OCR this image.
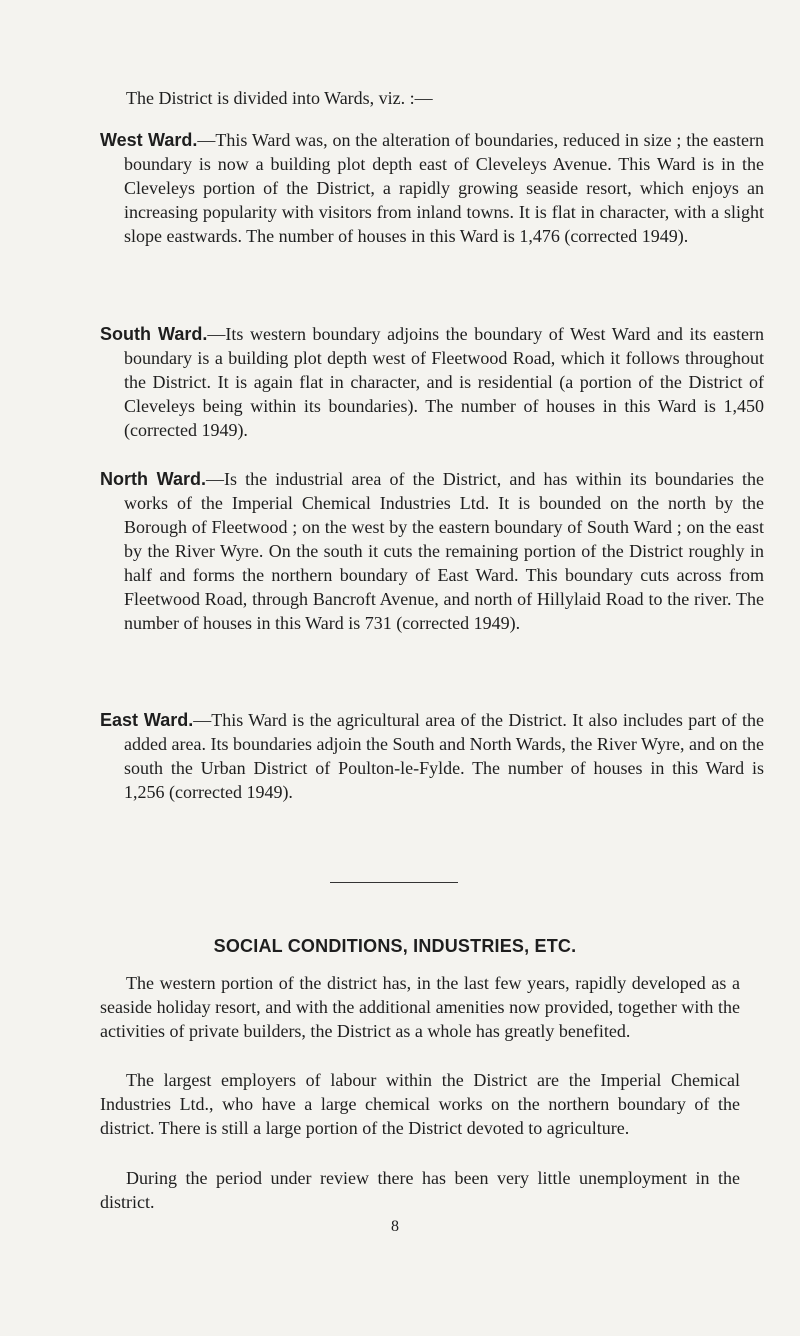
The District is divided into Wards, viz. :—

West Ward.—This Ward was, on the alteration of boundaries, reduced in size ; the eastern boundary is now a building plot depth east of Cleveleys Avenue. This Ward is in the Cleveleys portion of the District, a rapidly growing seaside resort, which enjoys an increasing popularity with visitors from inland towns. It is flat in character, with a slight slope eastwards. The number of houses in this Ward is 1,476 (corrected 1949).

South Ward.—Its western boundary adjoins the boundary of West Ward and its eastern boundary is a building plot depth west of Fleetwood Road, which it follows throughout the District. It is again flat in character, and is residential (a portion of the District of Cleveleys being within its boundaries). The number of houses in this Ward is 1,450 (corrected 1949).

North Ward.—Is the industrial area of the District, and has within its boundaries the works of the Imperial Chemical Industries Ltd. It is bounded on the north by the Borough of Fleetwood ; on the west by the eastern boundary of South Ward ; on the east by the River Wyre. On the south it cuts the remaining portion of the District roughly in half and forms the northern boundary of East Ward. This boundary cuts across from Fleetwood Road, through Bancroft Avenue, and north of Hillylaid Road to the river. The number of houses in this Ward is 731 (corrected 1949).

East Ward.—This Ward is the agricultural area of the District. It also includes part of the added area. Its boundaries adjoin the South and North Wards, the River Wyre, and on the south the Urban District of Poulton-le-Fylde. The number of houses in this Ward is 1,256 (corrected 1949).

SOCIAL CONDITIONS, INDUSTRIES, ETC.

The western portion of the district has, in the last few years, rapidly developed as a seaside holiday resort, and with the additional amenities now provided, together with the activities of private builders, the District as a whole has greatly benefited.

The largest employers of labour within the District are the Imperial Chemical Industries Ltd., who have a large chemical works on the northern boundary of the district. There is still a large portion of the District devoted to agriculture.

During the period under review there has been very little unemployment in the district.

8
